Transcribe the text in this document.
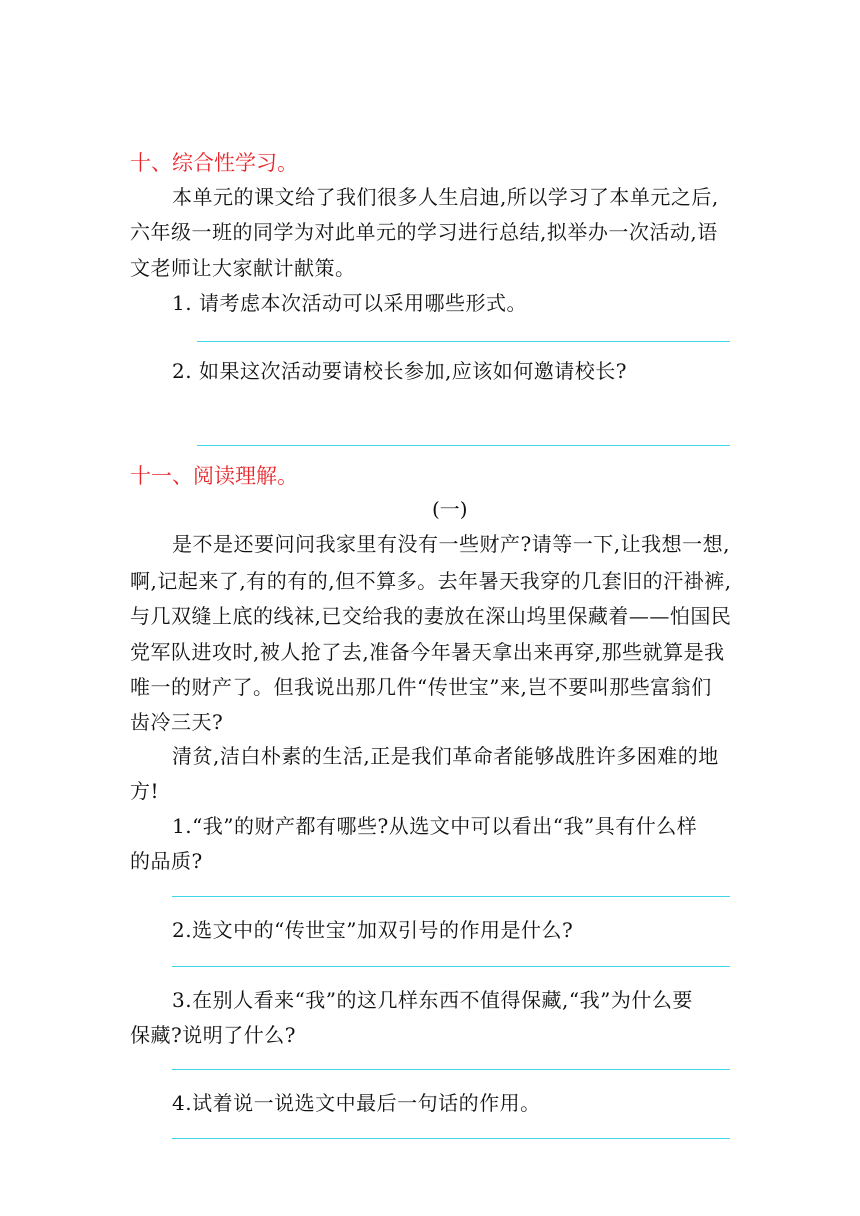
十、综合性学习。
本单元的课文给了我们很多人生启迪,所以学习了本单元之后,
六年级一班的同学为对此单元的学习进行总结,拟举办一次活动,语
文老师让大家献计献策。
1. 请考虑本次活动可以采用哪些形式。
2. 如果这次活动要请校长参加,应该如何邀请校长?
十一、阅读理解。
(一)
是不是还要问问我家里有没有一些财产?请等一下,让我想一想,
啊,记起来了,有的有的,但不算多。去年暑天我穿的几套旧的汗褂裤,
与几双缝上底的线袜,已交给我的妻放在深山坞里保藏着——怕国民
党军队进攻时,被人抢了去,准备今年暑天拿出来再穿,那些就算是我
唯一的财产了。但我说出那几件“传世宝”来,岂不要叫那些富翁们
齿冷三天?
清贫,洁白朴素的生活,正是我们革命者能够战胜许多困难的地
方!
1.“我”的财产都有哪些?从选文中可以看出“我”具有什么样
的品质?
2.选文中的“传世宝”加双引号的作用是什么?
3.在别人看来“我”的这几样东西不值得保藏,“我”为什么要
保藏?说明了什么?
4.试着说一说选文中最后一句话的作用。
